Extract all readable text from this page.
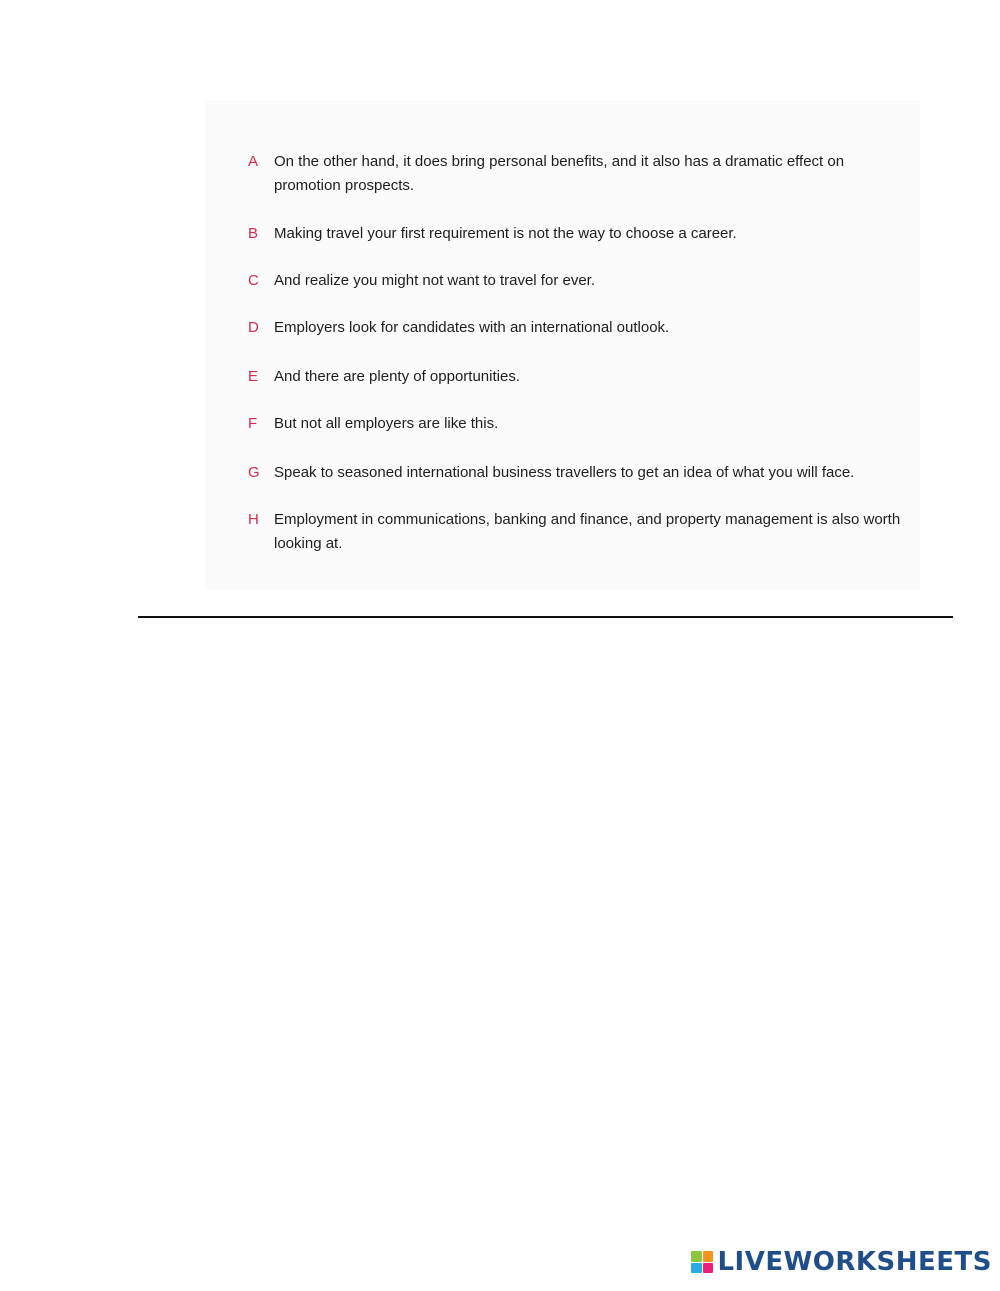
A	On the other hand, it does bring personal benefits, and it also has a dramatic effect on promotion prospects.
B	Making travel your first requirement is not the way to choose a career.
C	And realize you might not want to travel for ever.
D	Employers look for candidates with an international outlook.
E	And there are plenty of opportunities.
F	But not all employers are like this.
G Speak to seasoned international business travellers to get an idea of what you will face.
H	Employment in communications, banking and finance, and property management is also worth looking at.
LIVEWORKSHEETS
